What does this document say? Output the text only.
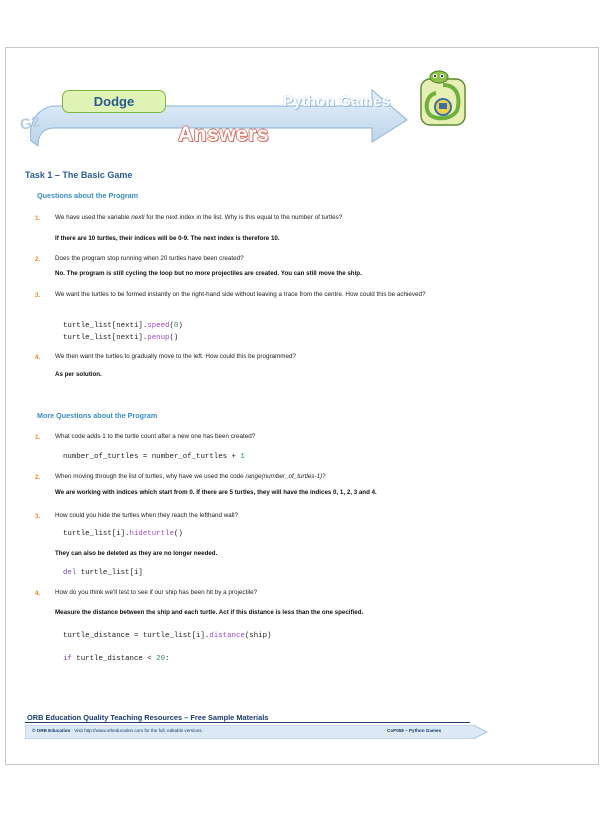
G2
Dodge	Python Games
Answers
Task 1 – The Basic Game
Questions about the Program
1. We have used the variable nexti for the next index in the list. Why is this equal to the number of turtles?
If there are 10 turtles, their indices will be 0-9. The next index is therefore 10.
2. Does the program stop running when 20 turtles have been created?
No. The program is still cycling the loop but no more projectiles are created. You can still move the ship.
3. We want the turtles to be formed instantly on the right-hand side without leaving a trace from the centre. How could this be achieved?
turtle_list[nexti].speed(0)
turtle_list[nexti].penup()
4. We then want the turtles to gradually move to the left. How could this be programmed?
As per solution.
More Questions about the Program
1. What code adds 1 to the turtle count after a new one has been created?
number_of_turtles = number_of_turtles + 1
2. When moving through the list of turtles, why have we used the code range(number_of_turtles-1)?
We are working with indices which start from 0. If there are 5 turtles, they will have the indices 0, 1, 2, 3 and 4.
3. How could you hide the turtles when they reach the lefthand wall?
turtle_list[i].hideturtle()
They can also be deleted as they are no longer needed.
del turtle_list[i]
4. How do you think we'll test to see if our ship has been hit by a projectile?
Measure the distance between the ship and each turtle. Act if this distance is less than the one specified.
turtle_distance = turtle_list[i].distance(ship)
if turtle_distance < 20:
ORB Education Quality Teaching Resources – Free Sample Materials
© ORB Education Visit http://www.orbeducation.com for the full, editable versions.	CoP058 – Python Games
